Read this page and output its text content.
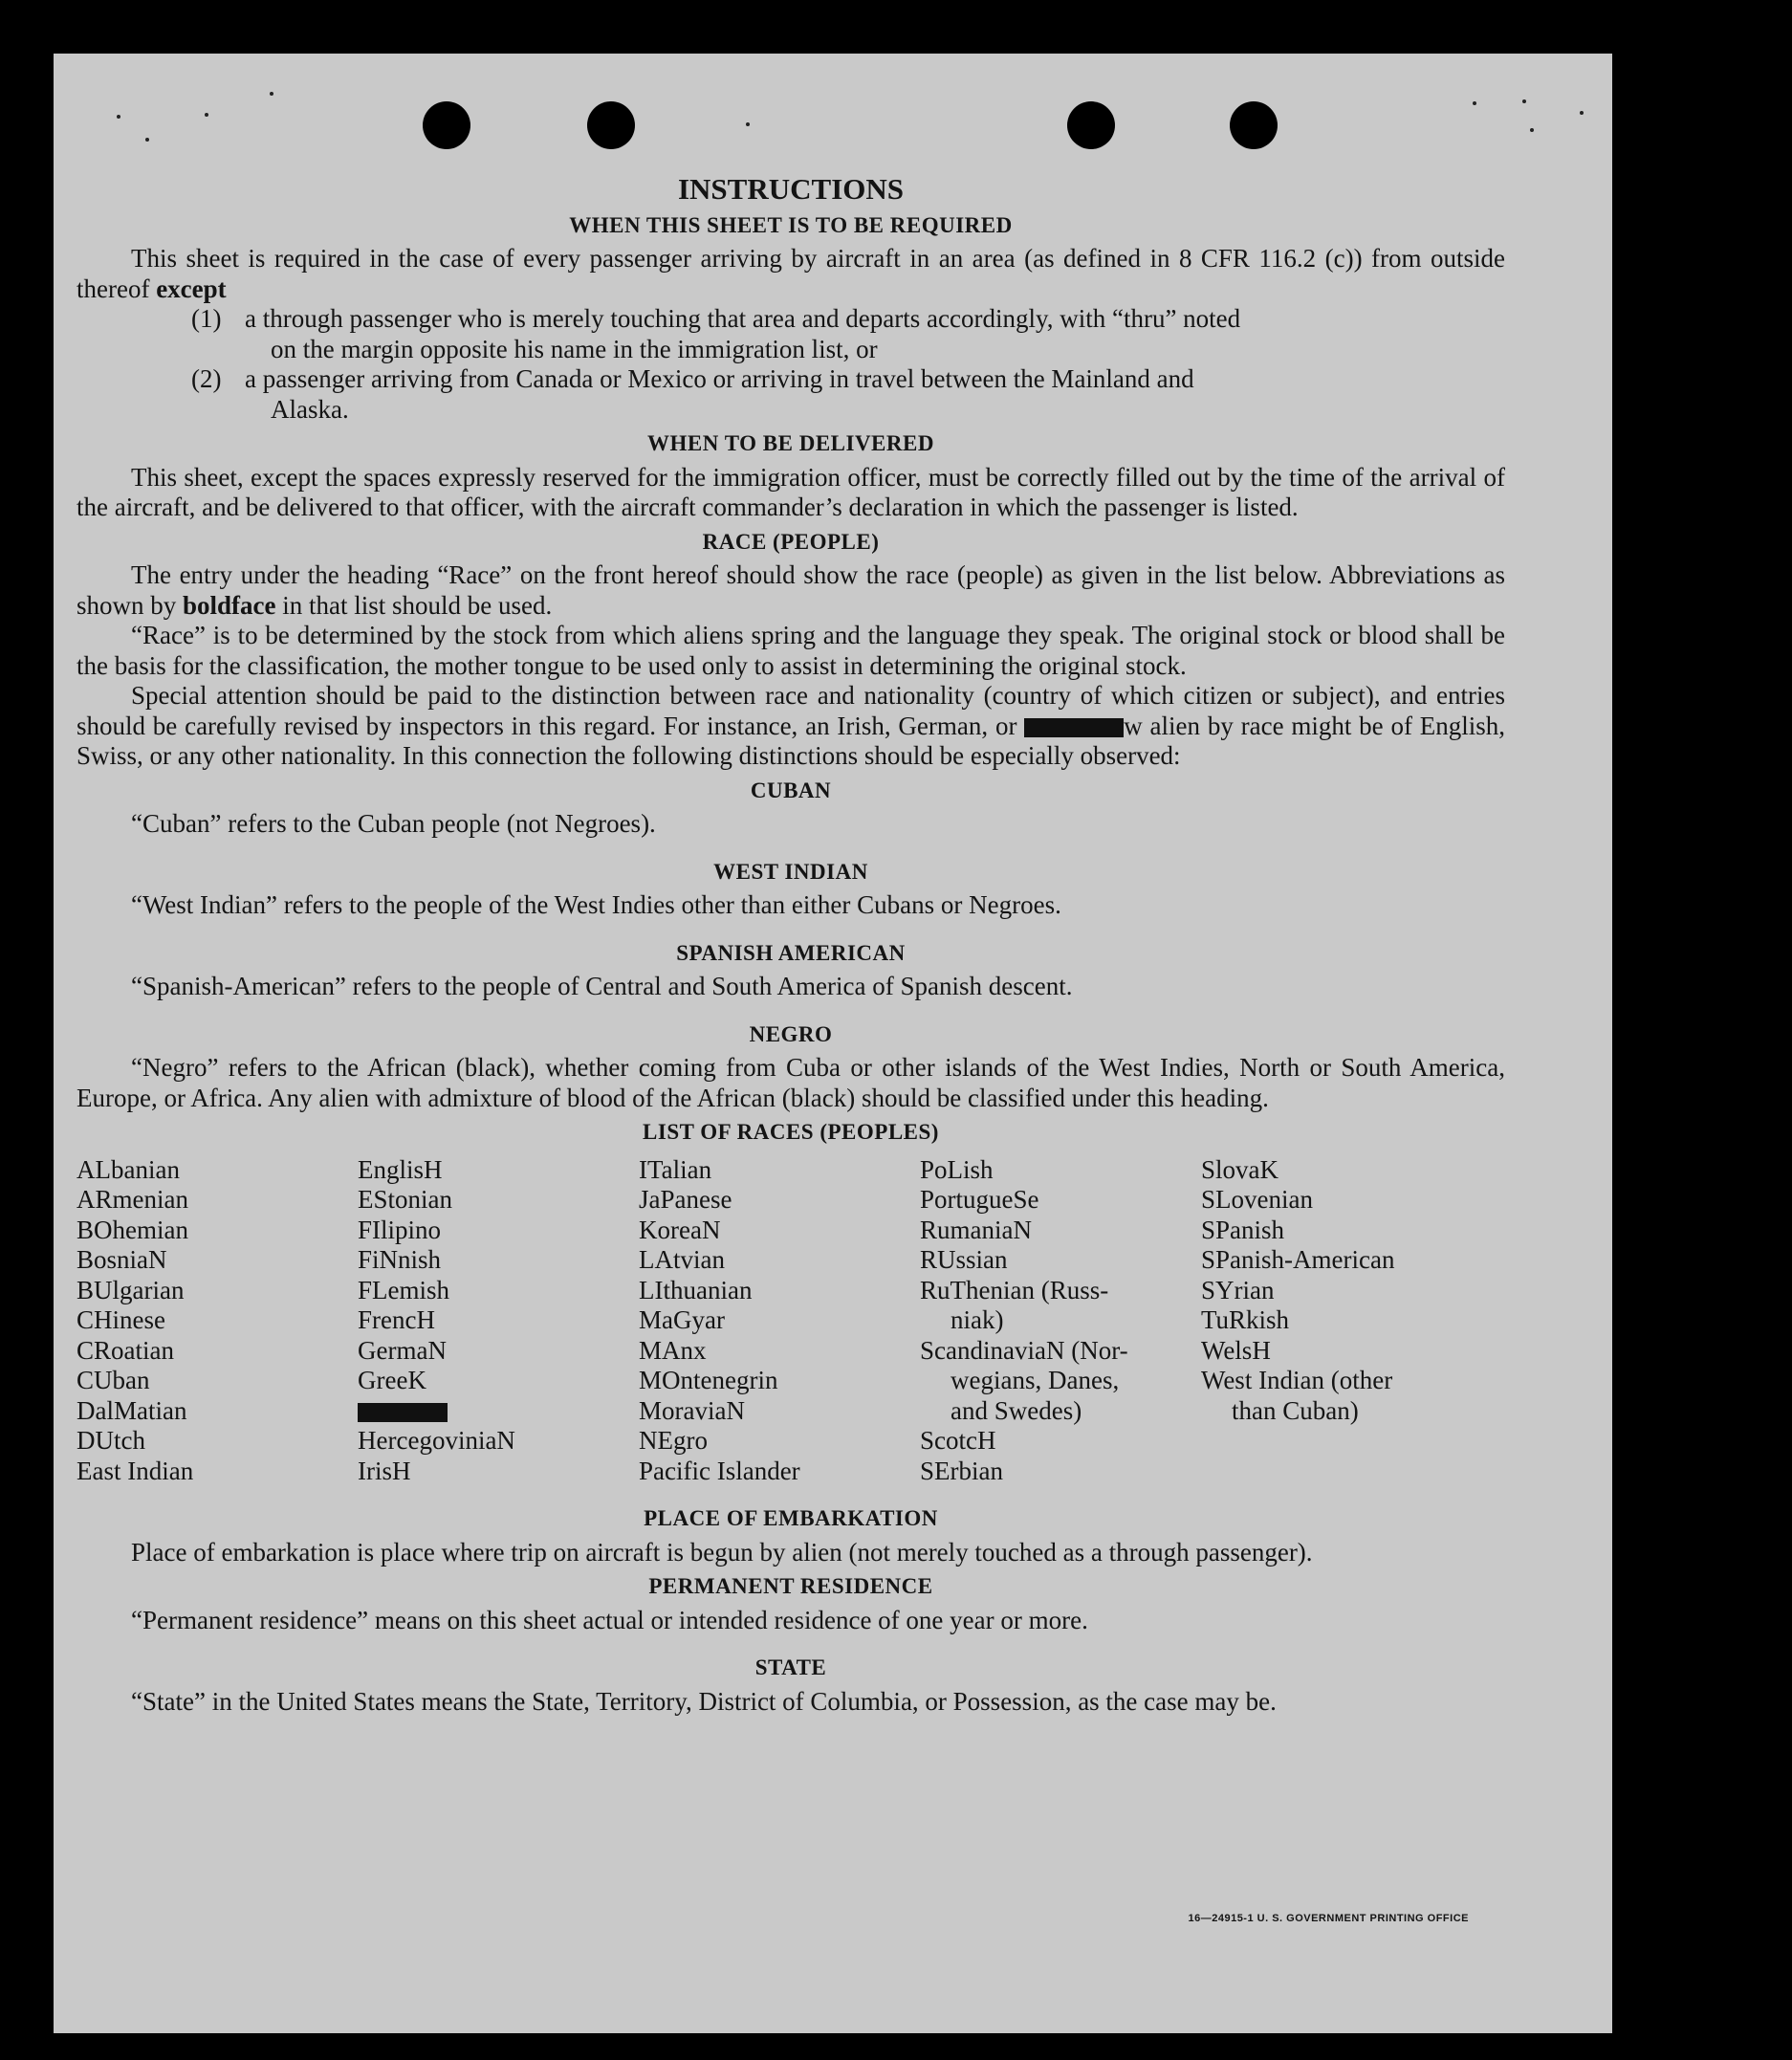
INSTRUCTIONS
WHEN THIS SHEET IS TO BE REQUIRED

This sheet is required in the case of every passenger arriving by aircraft in an area (as defined in 8 CFR 116.2 (c)) from outside thereof except

(1) a through passenger who is merely touching that area and departs accordingly, with “thru” noted
on the margin opposite his name in the immigration list, or
(2) a passenger arriving from Canada or Mexico or arriving in travel between the Mainland and
Alaska.
WHEN TO BE DELIVERED

This sheet, except the spaces expressly reserved for the immigration officer, must be correctly filled out by the time of the arrival of the aircraft, and be delivered to that officer, with the aircraft commander’s declaration in which the passenger is listed.

RACE (PEOPLE)

The entry under the heading “Race” on the front hereof should show the race (people) as given in the list below. Abbreviations as shown by boldface in that list should be used.

“Race” is to be determined by the stock from which aliens spring and the language they speak. The original stock or blood shall be the basis for the classification, the mother tongue to be used only to assist in determining the original stock.

Special attention should be paid to the distinction between race and nationality (country of which citizen or subject), and entries should be carefully revised by inspectors in this regard. For instance, an Irish, German, or	w alien by race might be of English, Swiss, or any other nationality. In this connection the following distinctions should be especially observed:

CUBAN

“Cuban” refers to the Cuban people (not Negroes).

WEST INDIAN

“West Indian” refers to the people of the West Indies other than either Cubans or Negroes.

SPANISH AMERICAN

“Spanish-American” refers to the people of Central and South America of Spanish descent.

NEGRO

“Negro” refers to the African (black), whether coming from Cuba or other islands of the West Indies, North or South America, Europe, or Africa. Any alien with admixture of blood of the African (black) should be classified under this heading.

LIST OF RACES (PEOPLES)
ALbanian
ARmenian
BOhemian
BosniaN
BUlgarian
CHinese
CRoatian
CUban
DalMatian
DUtch
East Indian
EnglisH
EStonian
FIlipino
FiNnish
FLemish
FrencH
GermaN
GreeK
HercegoviniaN
IrisH
ITalian
JaPanese
KoreaN
LAtvian
LIthuanian
MaGyar
MAnx
MOntenegrin
MoraviaN
NEgro
Pacific Islander
PoLish
PortugueSe
RumaniaN
RUssian
RuThenian (Russ-
niak)
ScandinaviaN (Nor-
wegians, Danes,
and Swedes)
ScotcH
SErbian
SlovaK
SLovenian
SPanish
SPanish-American
SYrian
TuRkish
WelsH
West Indian (other
than Cuban)
PLACE OF EMBARKATION

Place of embarkation is place where trip on aircraft is begun by alien (not merely touched as a through passenger).

PERMANENT RESIDENCE

“Permanent residence” means on this sheet actual or intended residence of one year or more.

STATE

“State” in the United States means the State, Territory, District of Columbia, or Possession, as the case may be.

16—24915-1 U. S. GOVERNMENT PRINTING OFFICE
